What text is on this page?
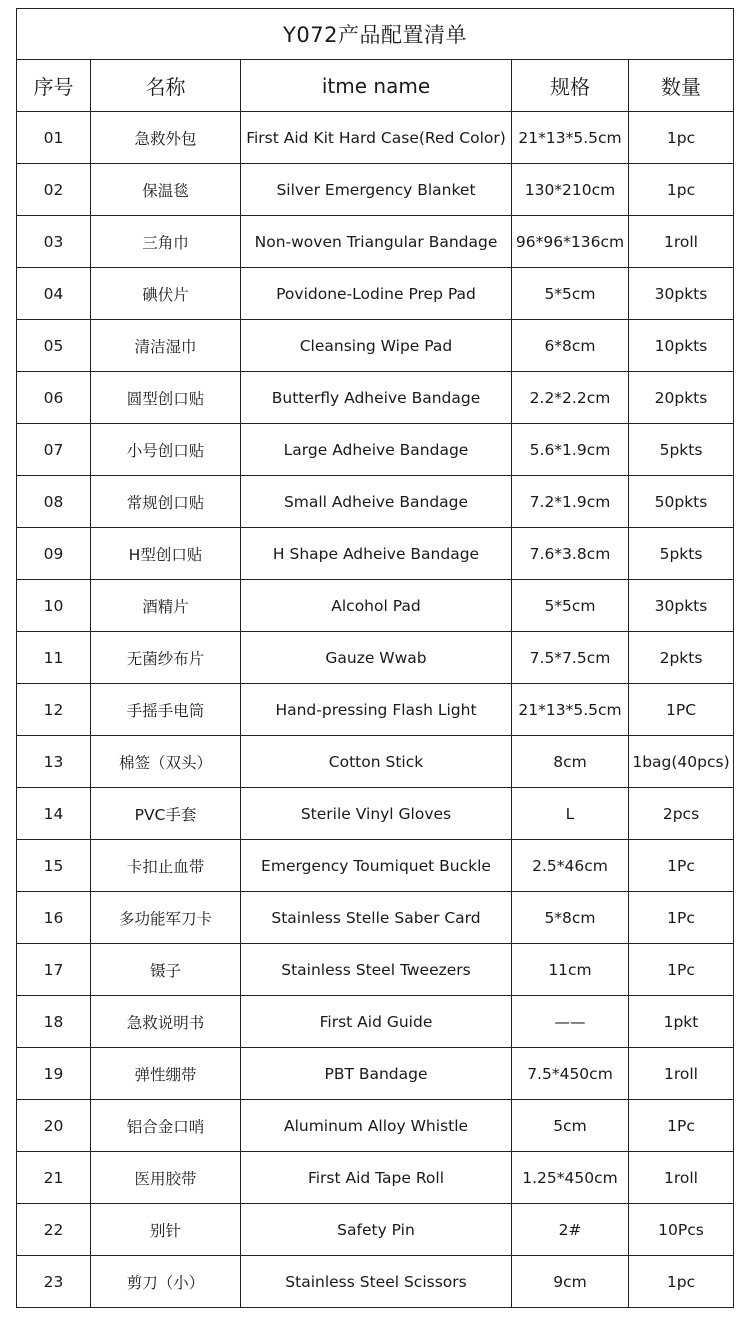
Y072产品配置清单				
序号	名称	itme name	规格	数量
01	急救外包	First Aid Kit Hard Case(Red Color)	21*13*5.5cm	1pc
02	保温毯	Silver Emergency Blanket	130*210cm	1pc
03	三角巾	Non-woven Triangular Bandage	96*96*136cm	1roll
04	碘伏片	Povidone-Lodine Prep Pad	5*5cm	30pkts
05	清洁湿巾	Cleansing Wipe Pad	6*8cm	10pkts
06	圆型创口贴	Butterfly Adheive Bandage	2.2*2.2cm	20pkts
07	小号创口贴	Large Adheive Bandage	5.6*1.9cm	5pkts
08	常规创口贴	Small Adheive Bandage	7.2*1.9cm	50pkts
09	H型创口贴	H Shape Adheive Bandage	7.6*3.8cm	5pkts
10	酒精片	Alcohol Pad	5*5cm	30pkts
11	无菌纱布片	Gauze Wwab	7.5*7.5cm	2pkts
12	手摇手电筒	Hand-pressing Flash Light	21*13*5.5cm	1PC
13	棉签（双头）	Cotton Stick	8cm	1bag(40pcs)
14	PVC手套	Sterile Vinyl Gloves	L	2pcs
15	卡扣止血带	Emergency Toumiquet Buckle	2.5*46cm	1Pc
16	多功能军刀卡	Stainless Stelle Saber Card	5*8cm	1Pc
17	镊子	Stainless Steel Tweezers	11cm	1Pc
18	急救说明书	First Aid Guide	——	1pkt
19	弹性绷带	PBT Bandage	7.5*450cm	1roll
20	铝合金口哨	Aluminum Alloy Whistle	5cm	1Pc
21	医用胶带	First Aid Tape Roll	1.25*450cm	1roll
22	别针	Safety Pin	2#	10Pcs
23	剪刀（小）	Stainless Steel Scissors	9cm	1pc
